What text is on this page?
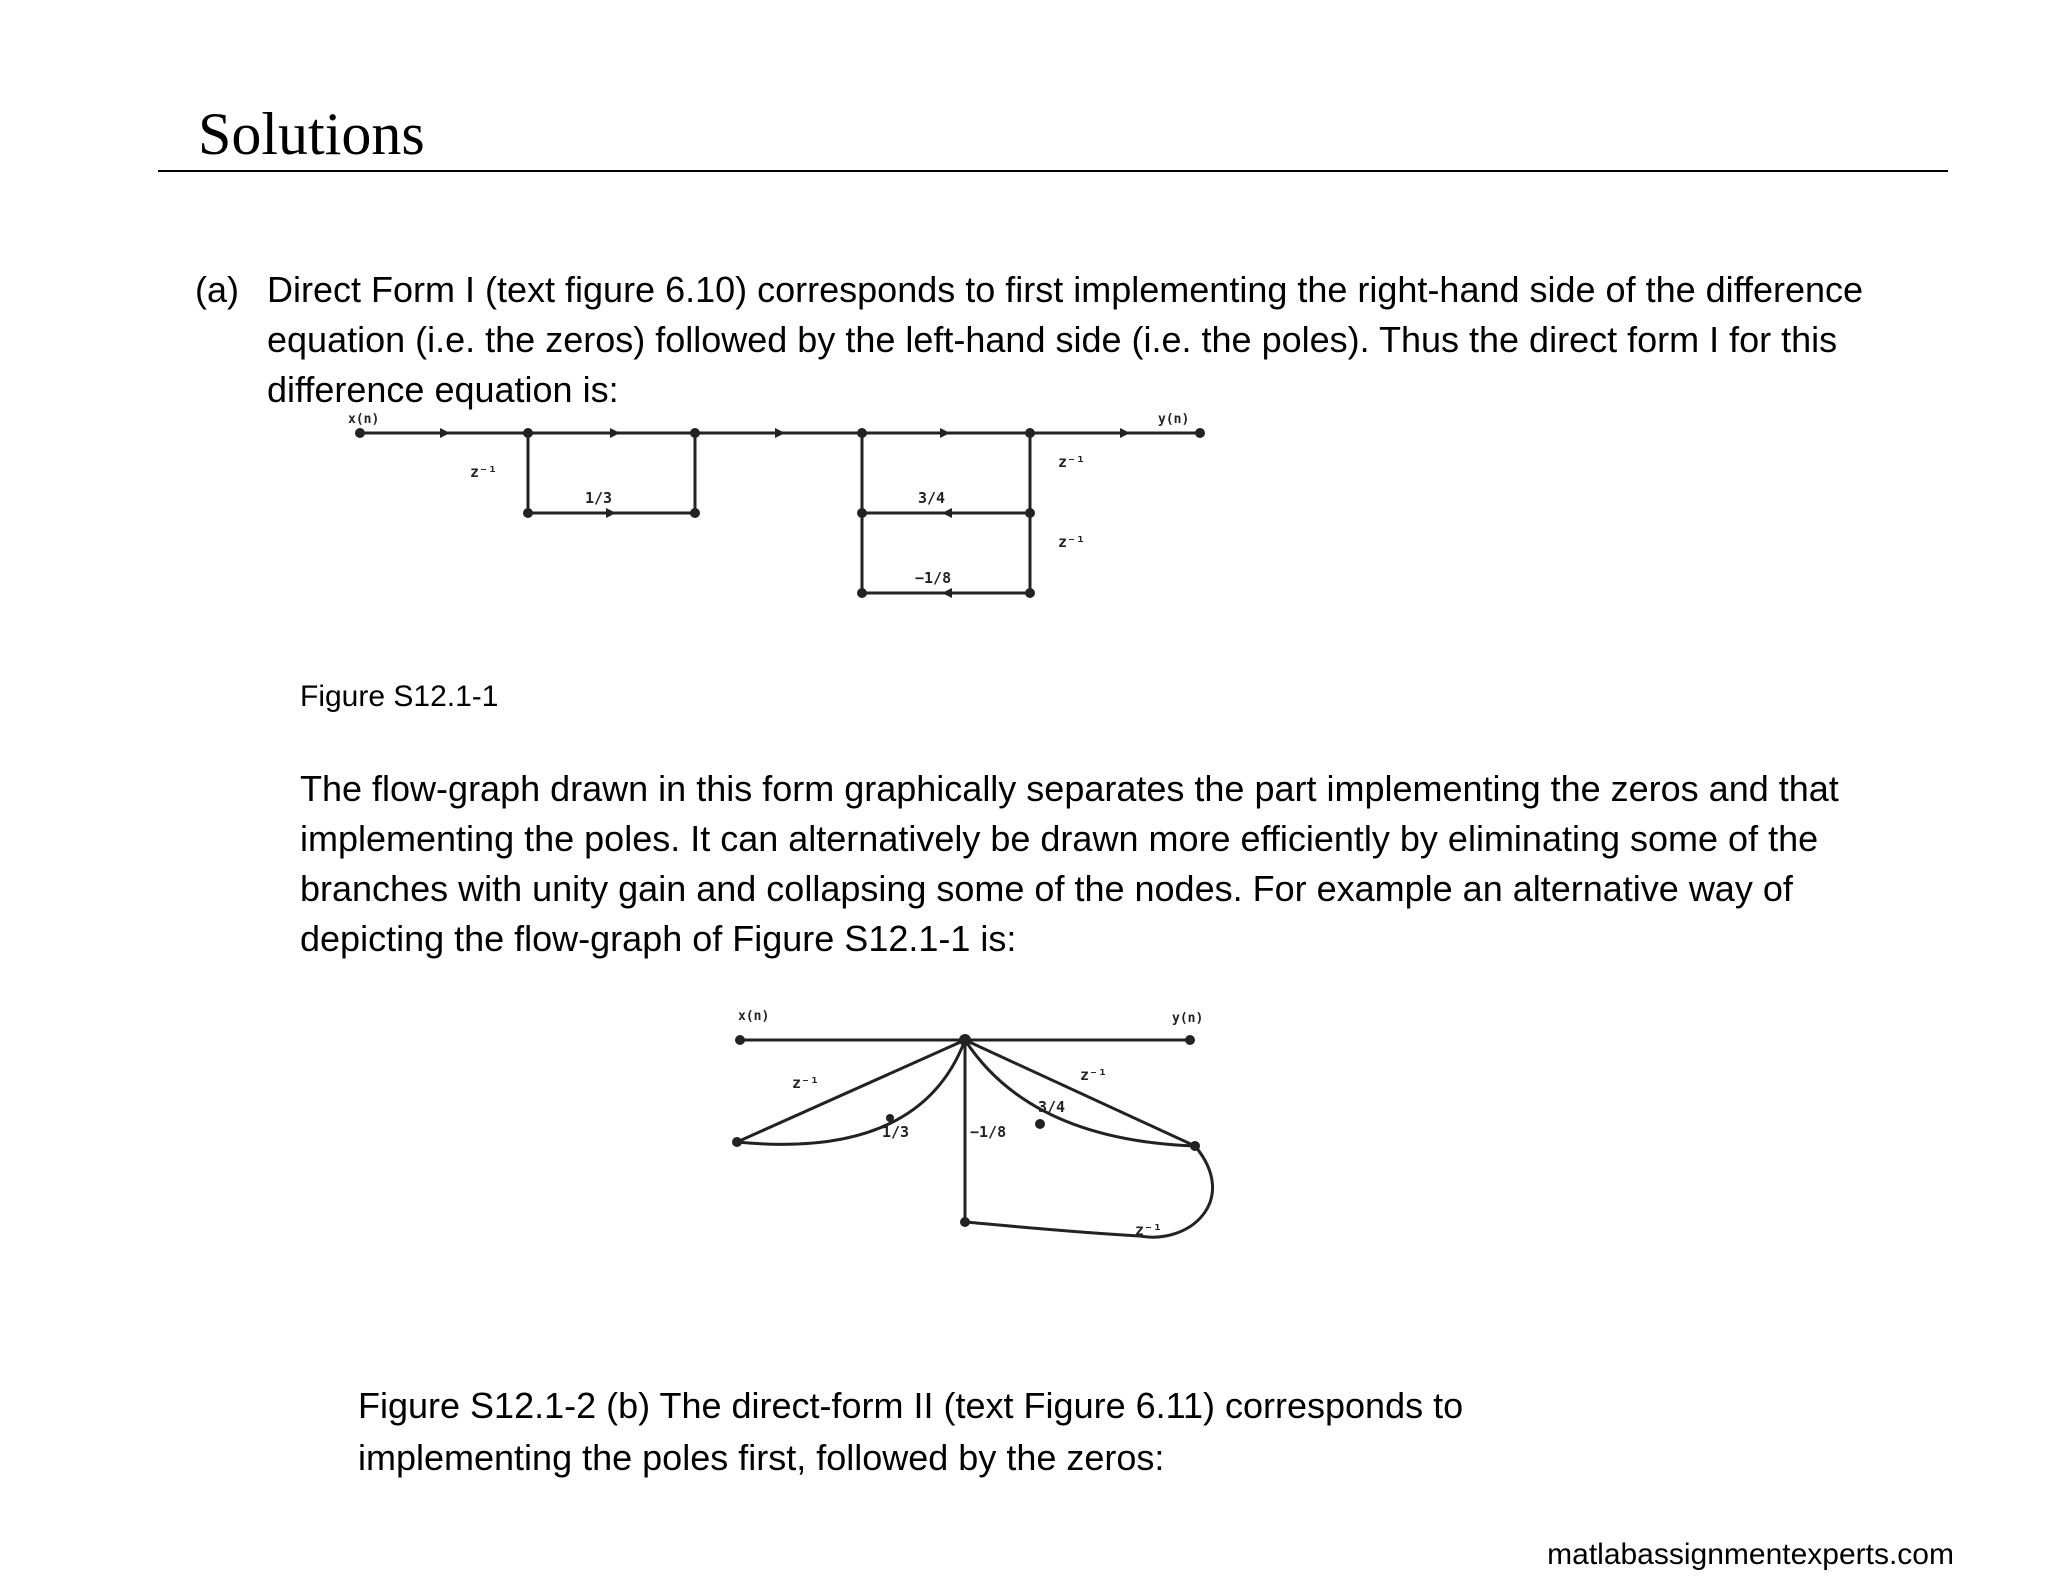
Solutions
(a) Direct Form I (text figure 6.10) corresponds to first implementing the right-hand side of the difference equation (i.e. the zeros) followed by the left-hand side (i.e. the poles). Thus the direct form I for this difference equation is:
x(n)	y(n)
z⁻¹
1/3
z⁻¹
3/4
z⁻¹
−1/8
Figure S12.1-1
The flow-graph drawn in this form graphically separates the part implementing the zeros and that implementing the poles. It can alternatively be drawn more efficiently by eliminating some of the branches with unity gain and collapsing some of the nodes. For example an alternative way of depicting the flow-graph of Figure S12.1-1 is:
x(n)	y(n)
z⁻¹
1/3
3/4
−1/8
z⁻¹
z⁻¹
Figure S12.1-2 (b) The direct-form II (text Figure 6.11) corresponds to implementing the poles first, followed by the zeros:
matlabassignmentexperts.com
